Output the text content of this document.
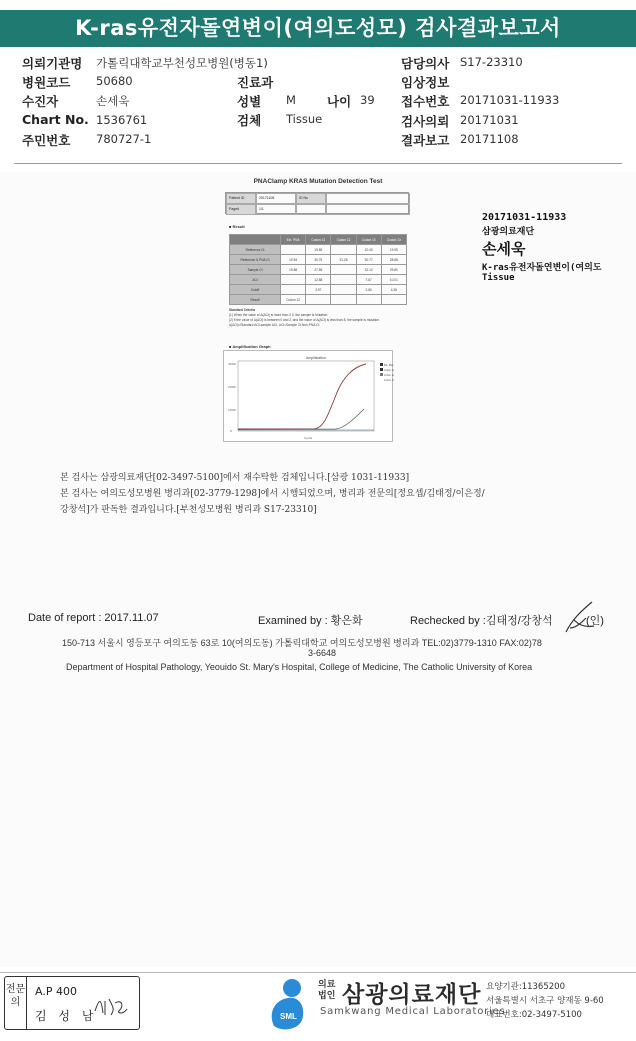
K-ras유전자돌연변이(여의도성모) 검사결과보고서
의뢰기관명 가톨릭대학교부천성모병원(병동1)
병원코드 50680
수진자	손세욱
Chart No. 1536761
주민번호 780727-1
진료과
성별 M 나이 39
검체 Tissue
담당의사 S17-23310
임상정보
접수번호 20171031-11933
검사의뢰 20171031
결과보고 20171108
PNAClamp KRAS Mutation Detection Test
Patient ID	20171108	ID No
Page#	1/1
■ Result
	Ext. PNA	Codon 12	Codon 12	Codon 13	Codon 13
Reference Ct		19.89		20.40	19.95
Reference & PNA Ct	19.54	30.75	31.28	30.77	28.88
Sample Ct	19.88	27.55		32.12	29.80
ΔCt		12.88		7.67	10.01
Cutoff		3.97		2.80	4.38
Result	Codon 12				
Standard Criteria
(1) When the value of Δ(ΔCt) is more than 2.0, the sample is Mutation.
(2) If the value of Δ(ΔCt) is between 0 and 2, and the value of Δ(ΔCt) is less than 8, the sample is mutation.
Δ(ΔCt)=Standard ΔCt-sample ΔCt, ΔCt=Sample Ct-Non-PNA Ct
■ Amplification Graph
Amplification
3000
2000
1000
0
Cycle
Ext. PNA
Codon 12
Codon 12
Codon 13
20171031-11933
삼광의료재단
손세욱
K-ras유전자돌연변이(여의도
Tissue
본 검사는 삼광의료재단[02-3497-5100]에서 재수탁한 검체입니다.[삼광 1031-11933]
본 검사는 여의도성모병원 병리과[02-3779-1298]에서 시행되었으며, 병리과 전문의[정요셉/김태정/이은정/
강창석]가 판독한 결과입니다.[부천성모병원 병리과 S17-23310]
Date of report : 2017.11.07	Examined by : 황은화	Rechecked by :김태정/강창석	(인)
150-713 서울시 영등포구 여의도동 63로 10(여의도동) 가톨릭대학교 여의도성모병원 병리과 TEL:02)3779-1310 FAX:02)78
3-6648
Department of Hospital Pathology, Yeouido St. Mary's Hospital, College of Medicine, The Catholic University of Korea
전문의
A.P 400
김 성 남	SML
의료법인 삼광의료재단
Samkwang Medical Laboratories
요양기관:11365200
서울특별시 서초구 양재동 9-60
대표번호:02-3497-5100
